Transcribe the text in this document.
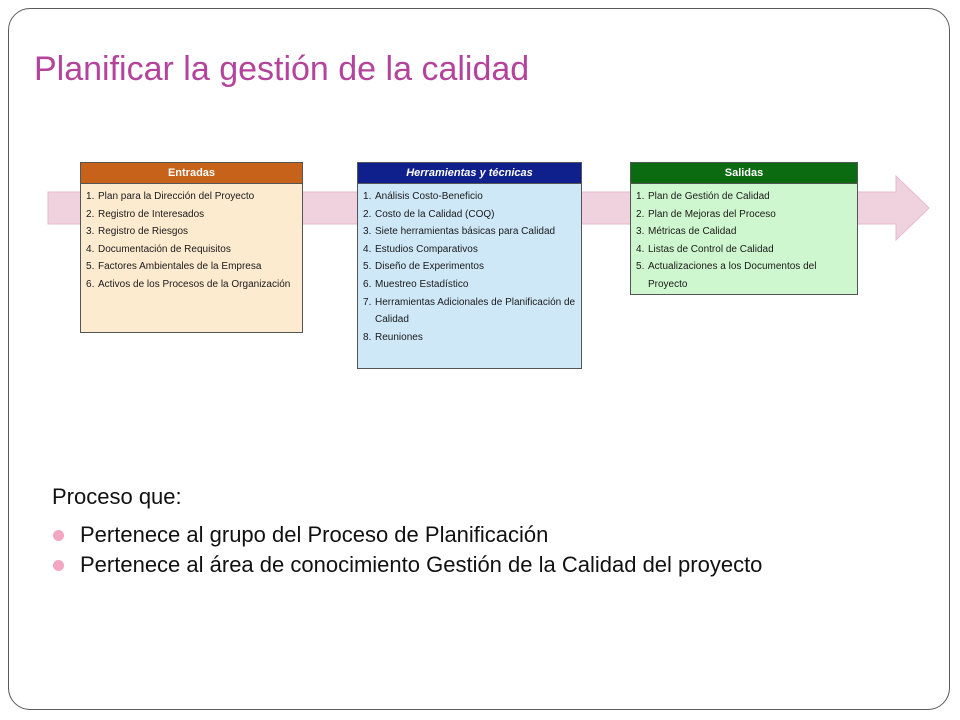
Planificar la gestión de la calidad
Entradas
Plan para la Dirección del Proyecto
Registro de Interesados
Registro de Riesgos
Documentación de Requisitos
Factores Ambientales de la Empresa
Activos de los Procesos de la Organización
Herramientas y técnicas
Análisis Costo-Beneficio
Costo de la Calidad (COQ)
Siete herramientas básicas para Calidad
Estudios Comparativos
Diseño de Experimentos
Muestreo Estadístico
Herramientas Adicionales de Planificación de Calidad
Reuniones
Salidas
Plan de Gestión de Calidad
Plan de Mejoras del Proceso
Métricas de Calidad
Listas de Control de Calidad
Actualizaciones a los Documentos del Proyecto

Proceso que:

Pertenece al grupo del Proceso de Planificación
Pertenece al área de conocimiento Gestión de la Calidad del proyecto
